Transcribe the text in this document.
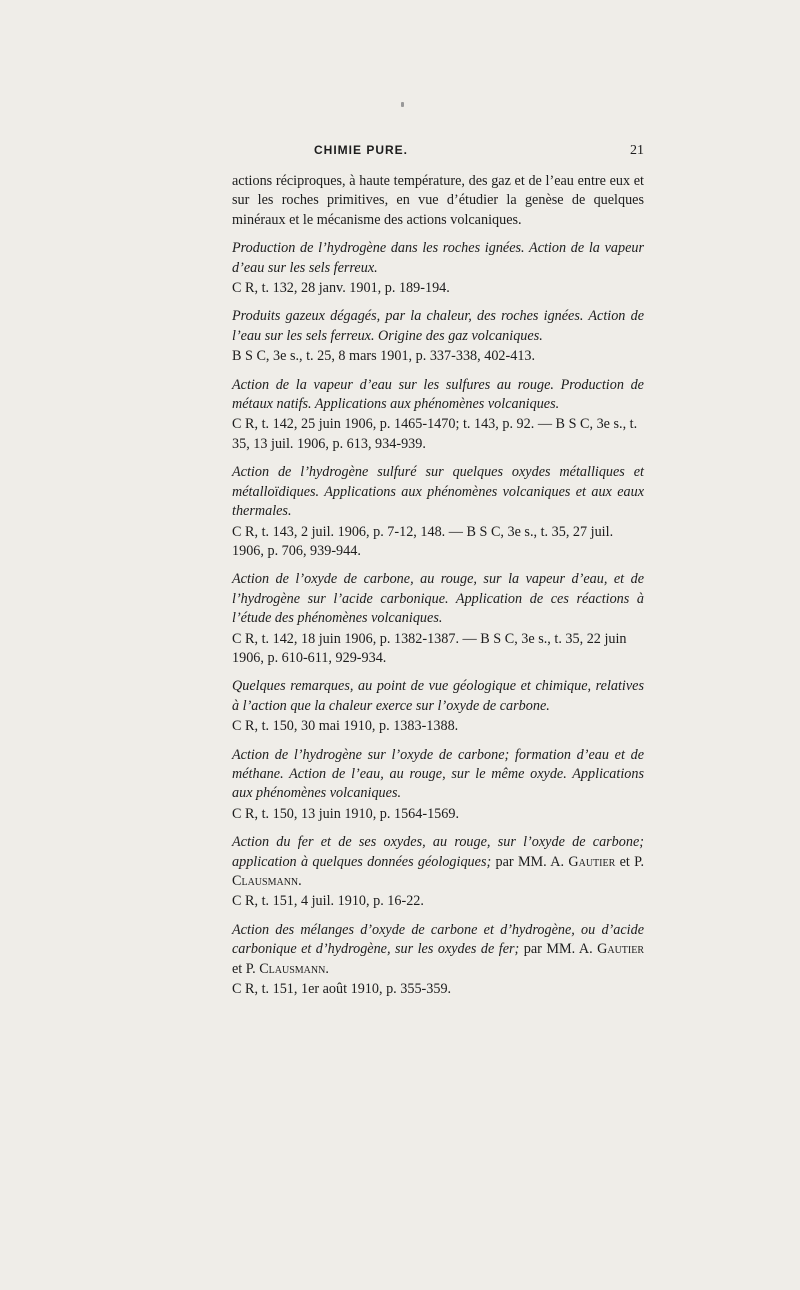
CHIMIE PURE.	21

actions réciproques, à haute température, des gaz et de l’eau entre eux et sur les roches primitives, en vue d’étudier la genèse de quelques minéraux et le mécanisme des actions volcaniques.

Production de l’hydrogène dans les roches ignées. Action de la vapeur d’eau sur les sels ferreux.

C R, t. 132, 28 janv. 1901, p. 189-194.

Produits gazeux dégagés, par la chaleur, des roches ignées. Action de l’eau sur les sels ferreux. Origine des gaz volcaniques.

B S C, 3e s., t. 25, 8 mars 1901, p. 337-338, 402-413.

Action de la vapeur d’eau sur les sulfures au rouge. Production de métaux natifs. Applications aux phénomènes volcaniques.

C R, t. 142, 25 juin 1906, p. 1465-1470; t. 143, p. 92. — B S C, 3e s., t. 35, 13 juil. 1906, p. 613, 934-939.

Action de l’hydrogène sulfuré sur quelques oxydes métalliques et métalloïdiques. Applications aux phénomènes volcaniques et aux eaux thermales.

C R, t. 143, 2 juil. 1906, p. 7-12, 148. — B S C, 3e s., t. 35, 27 juil. 1906, p. 706, 939-944.

Action de l’oxyde de carbone, au rouge, sur la vapeur d’eau, et de l’hydrogène sur l’acide carbonique. Application de ces réactions à l’étude des phénomènes volcaniques.

C R, t. 142, 18 juin 1906, p. 1382-1387. — B S C, 3e s., t. 35, 22 juin 1906, p. 610-611, 929-934.

Quelques remarques, au point de vue géologique et chimique, relatives à l’action que la chaleur exerce sur l’oxyde de carbone.

C R, t. 150, 30 mai 1910, p. 1383-1388.

Action de l’hydrogène sur l’oxyde de carbone; formation d’eau et de méthane. Action de l’eau, au rouge, sur le même oxyde. Applications aux phénomènes volcaniques.

C R, t. 150, 13 juin 1910, p. 1564-1569.

Action du fer et de ses oxydes, au rouge, sur l’oxyde de carbone; application à quelques données géologiques; par MM. A. Gautier et P. Clausmann.

C R, t. 151, 4 juil. 1910, p. 16-22.

Action des mélanges d’oxyde de carbone et d’hydrogène, ou d’acide carbonique et d’hydrogène, sur les oxydes de fer; par MM. A. Gautier et P. Clausmann.

C R, t. 151, 1er août 1910, p. 355-359.
